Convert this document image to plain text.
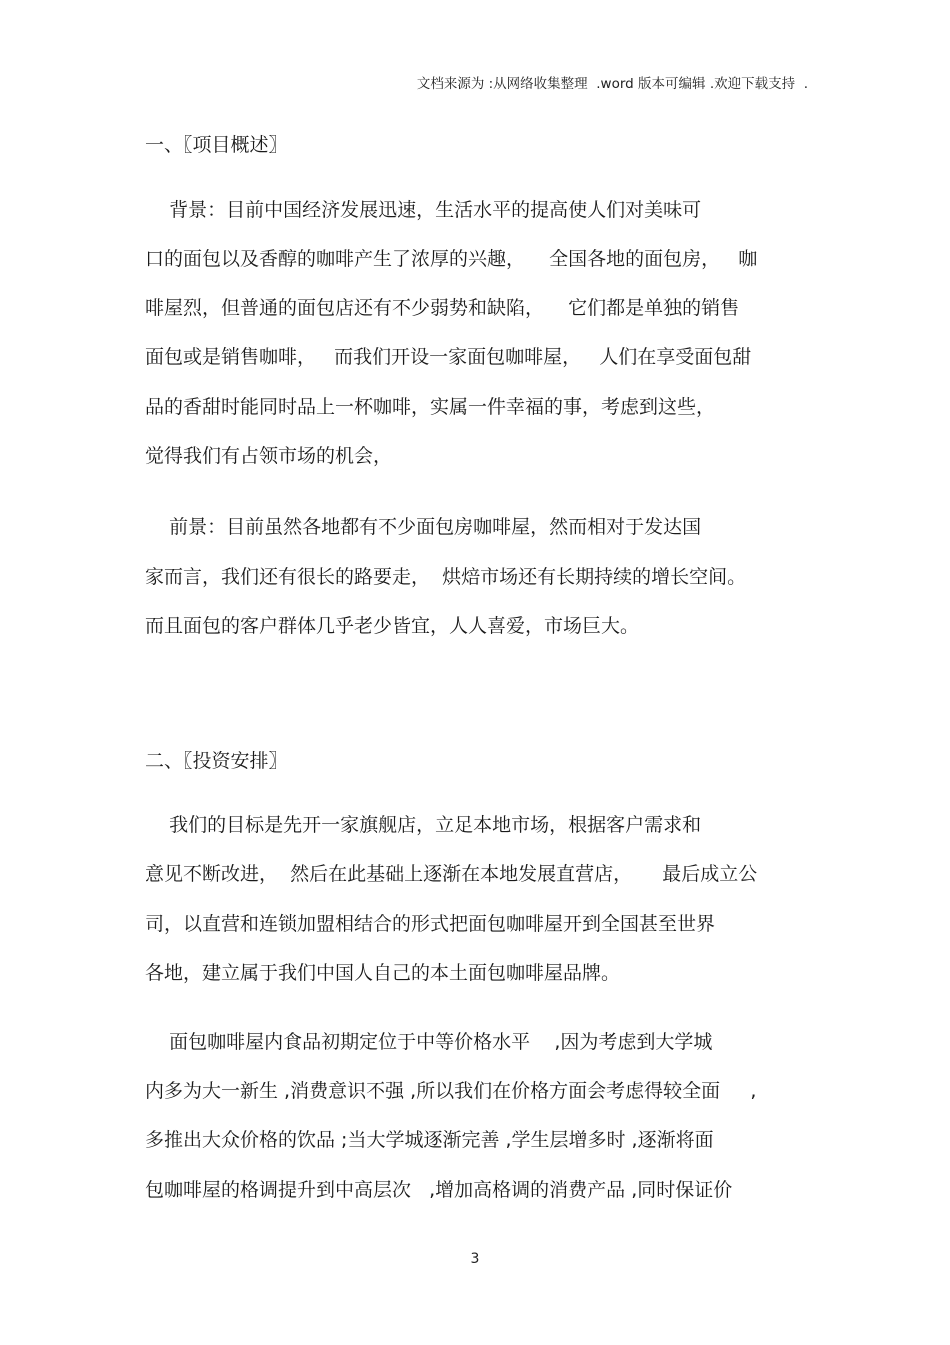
文档来源为 :从网络收集整理  .word 版本可编辑 .欢迎下载支持  .
一、〖项目概述〗
背景：目前中国经济发展迅速，生活水平的提高使人们对美味可
口的面包以及香醇的咖啡产生了浓厚的兴趣，    全国各地的面包房，   咖
啡屋烈，但普通的面包店还有不少弱势和缺陷，    它们都是单独的销售
面包或是销售咖啡，   而我们开设一家面包咖啡屋，   人们在享受面包甜
品的香甜时能同时品上一杯咖啡，实属一件幸福的事，考虑到这些，
觉得我们有占领市场的机会，
前景：目前虽然各地都有不少面包房咖啡屋，然而相对于发达国
家而言，我们还有很长的路要走，  烘焙市场还有长期持续的增长空间。
而且面包的客户群体几乎老少皆宜，人人喜爱，市场巨大。
二、〖投资安排〗
我们的目标是先开一家旗舰店，立足本地市场，根据客户需求和
意见不断改进，  然后在此基础上逐渐在本地发展直营店，     最后成立公
司，以直营和连锁加盟相结合的形式把面包咖啡屋开到全国甚至世界
各地，建立属于我们中国人自己的本土面包咖啡屋品牌。
面包咖啡屋内食品初期定位于中等价格水平    ,因为考虑到大学城
内多为大一新生 ,消费意识不强 ,所以我们在价格方面会考虑得较全面     ,
多推出大众价格的饮品 ;当大学城逐渐完善 ,学生层增多时 ,逐渐将面
包咖啡屋的格调提升到中高层次   ,增加高格调的消费产品 ,同时保证价
3
